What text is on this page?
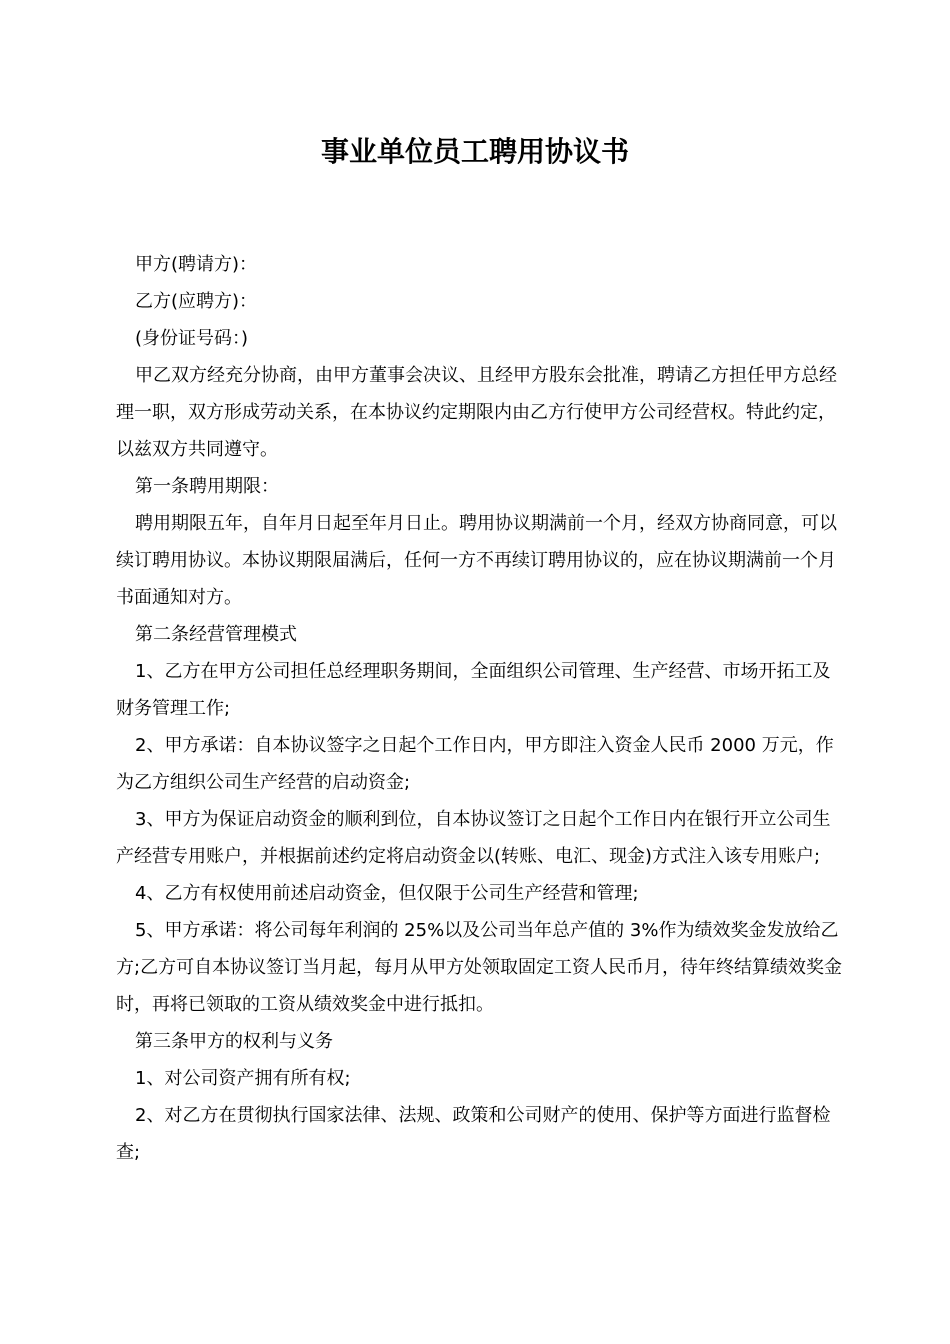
事业单位员工聘用协议书

甲方(聘请方)：

乙方(应聘方)：

(身份证号码：)

甲乙双方经充分协商，由甲方董事会决议、且经甲方股东会批准，聘请乙方担任甲方总经理一职，双方形成劳动关系，在本协议约定期限内由乙方行使甲方公司经营权。特此约定，以兹双方共同遵守。

第一条聘用期限：

聘用期限五年，自年月日起至年月日止。聘用协议期满前一个月，经双方协商同意，可以续订聘用协议。本协议期限届满后，任何一方不再续订聘用协议的，应在协议期满前一个月书面通知对方。

第二条经营管理模式

1、乙方在甲方公司担任总经理职务期间，全面组织公司管理、生产经营、市场开拓工及财务管理工作;

2、甲方承诺：自本协议签字之日起个工作日内，甲方即注入资金人民币 2000 万元，作为乙方组织公司生产经营的启动资金;

3、甲方为保证启动资金的顺利到位，自本协议签订之日起个工作日内在银行开立公司生产经营专用账户，并根据前述约定将启动资金以(转账、电汇、现金)方式注入该专用账户;

4、乙方有权使用前述启动资金，但仅限于公司生产经营和管理;

5、甲方承诺：将公司每年利润的 25%以及公司当年总产值的 3%作为绩效奖金发放给乙方;乙方可自本协议签订当月起，每月从甲方处领取固定工资人民币月，待年终结算绩效奖金时，再将已领取的工资从绩效奖金中进行抵扣。

第三条甲方的权利与义务

1、对公司资产拥有所有权;

2、对乙方在贯彻执行国家法律、法规、政策和公司财产的使用、保护等方面进行监督检查;
